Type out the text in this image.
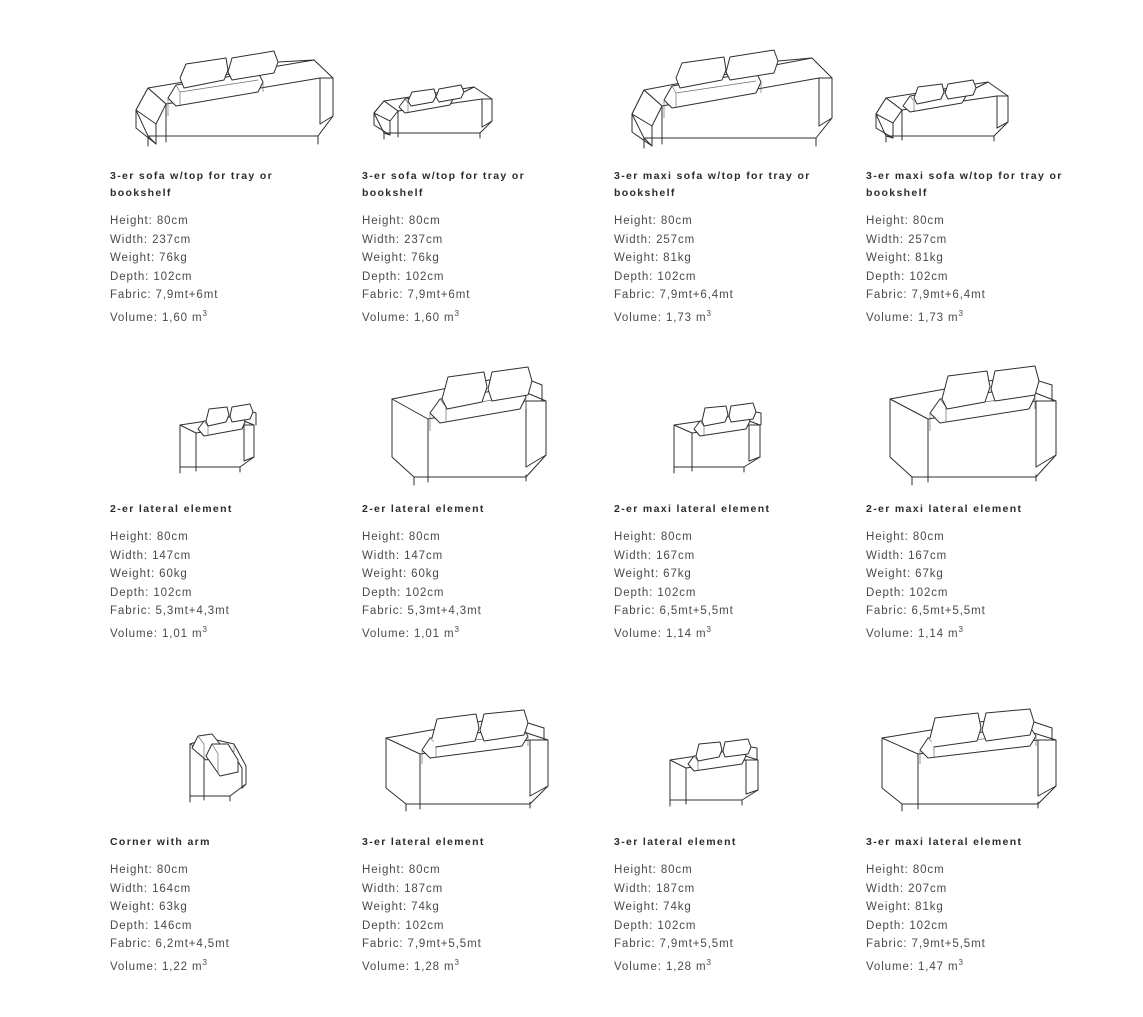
3-er sofa w/top for tray or bookshelf
Height: 80cm
Width: 237cm
Weight: 76kg
Depth: 102cm
Fabric: 7,9mt+6mt
Volume: 1,60 $m^3$
3-er sofa w/top for tray or bookshelf
Height: 80cm
Width: 237cm
Weight: 76kg
Depth: 102cm
Fabric: 7,9mt+6mt
Volume: 1,60 $m^3$
3-er maxi sofa w/top for tray or bookshelf
Height: 80cm
Width: 257cm
Weight: 81kg
Depth: 102cm
Fabric: 7,9mt+6,4mt
Volume: 1,73 $m^3$
3-er maxi sofa w/top for tray or bookshelf
Height: 80cm
Width: 257cm
Weight: 81kg
Depth: 102cm
Fabric: 7,9mt+6,4mt
Volume: 1,73 $m^3$
2-er lateral element
Height: 80cm
Width: 147cm
Weight: 60kg
Depth: 102cm
Fabric: 5,3mt+4,3mt
Volume: 1,01 $m^3$
2-er lateral element
Height: 80cm
Width: 147cm
Weight: 60kg
Depth: 102cm
Fabric: 5,3mt+4,3mt
Volume: 1,01 $m^3$
2-er maxi lateral element
Height: 80cm
Width: 167cm
Weight: 67kg
Depth: 102cm
Fabric: 6,5mt+5,5mt
Volume: 1,14 $m^3$
2-er maxi lateral element
Height: 80cm
Width: 167cm
Weight: 67kg
Depth: 102cm
Fabric: 6,5mt+5,5mt
Volume: 1,14 $m^3$
Corner with arm
Height: 80cm
Width: 164cm
Weight: 63kg
Depth: 146cm
Fabric: 6,2mt+4,5mt
Volume: 1,22 $m^3$
3-er lateral element
Height: 80cm
Width: 187cm
Weight: 74kg
Depth: 102cm
Fabric: 7,9mt+5,5mt
Volume: 1,28 $m^3$
3-er lateral element
Height: 80cm
Width: 187cm
Weight: 74kg
Depth: 102cm
Fabric: 7,9mt+5,5mt
Volume: 1,28 $m^3$
3-er maxi lateral element
Height: 80cm
Width: 207cm
Weight: 81kg
Depth: 102cm
Fabric: 7,9mt+5,5mt
Volume: 1,47 $m^3$
